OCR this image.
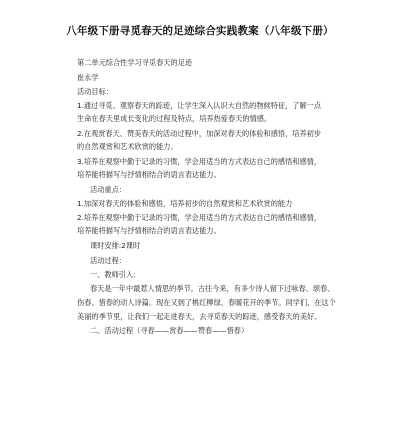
八年级下册寻觅春天的足迹综合实践教案（八年级下册）
第二单元综合性学习寻觅春天的足迹
崔永学
活动目标：
1.通过寻觅、观察春天的踪迹，让学生深入认识大自然的物候特征，了解一点
生命在春天里成长变化的过程及特点，培养热爱春天的情感。
2.在观赏春天、赞美春天的活动过程中，加深对春天的体验和感悟，培养初步
的自然观赏和艺术欣赏的能力。
3.培养在观察中勤于记录的习惯，学会用适当的方式表达自己的感悟和感情，
培养能将描写与抒情相结合的语言表达能力。
活动重点：
1.加深对春天的体验和感悟，培养初步的自然观赏和艺术欣赏的能力
2.培养在观察中勤于记录的习惯，学会用适当的方式表达自己的感悟和感情，
培养能将描写与抒情相结合的语言表达能力。
课时安排:2课时
活动过程：
一、教师引入：
春天是一年中最惹人情思的季节。古往今来，有多少诗人留下过咏春、颂春、
伤春、惜春的动人诗篇。现在又到了桃红柳绿、春暖花开的季节。同学们，在这个
美丽的季节里，让我们一起走进春天，去寻觅春天的踪迹，感受春天的美好。
二、活动过程（寻春——赏春——赞春——惜春）
